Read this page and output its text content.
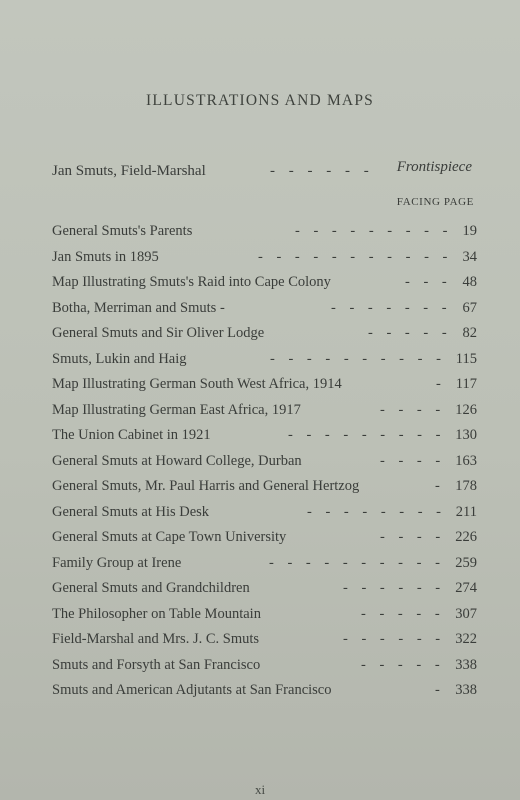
ILLUSTRATIONS AND MAPS
Jan Smuts, Field-Marshal	- - - - - - Frontispiece
FACING PAGE
General Smuts's Parents	- - - - - - - - - 19
Jan Smuts in 1895	- - - - - - - - - - - 34
Map Illustrating Smuts's Raid into Cape Colony	- - - 48
Botha, Merriman and Smuts -	- - - - - - - 67
General Smuts and Sir Oliver Lodge	- - - - - 82
Smuts, Lukin and Haig	- - - - - - - - - - 115
Map Illustrating German South West Africa, 1914	- 117
Map Illustrating German East Africa, 1917	- - - - 126
The Union Cabinet in 1921	- - - - - - - - - 130
General Smuts at Howard College, Durban	- - - - 163
General Smuts, Mr. Paul Harris and General Hertzog	- 178
General Smuts at His Desk	- - - - - - - - 211
General Smuts at Cape Town University	- - - - 226
Family Group at Irene	- - - - - - - - - - 259
General Smuts and Grandchildren	- - - - - - 274
The Philosopher on Table Mountain	- - - - - 307
Field-Marshal and Mrs. J. C. Smuts	- - - - - - 322
Smuts and Forsyth at San Francisco	- - - - - 338
Smuts and American Adjutants at San Francisco	- 338
xi
